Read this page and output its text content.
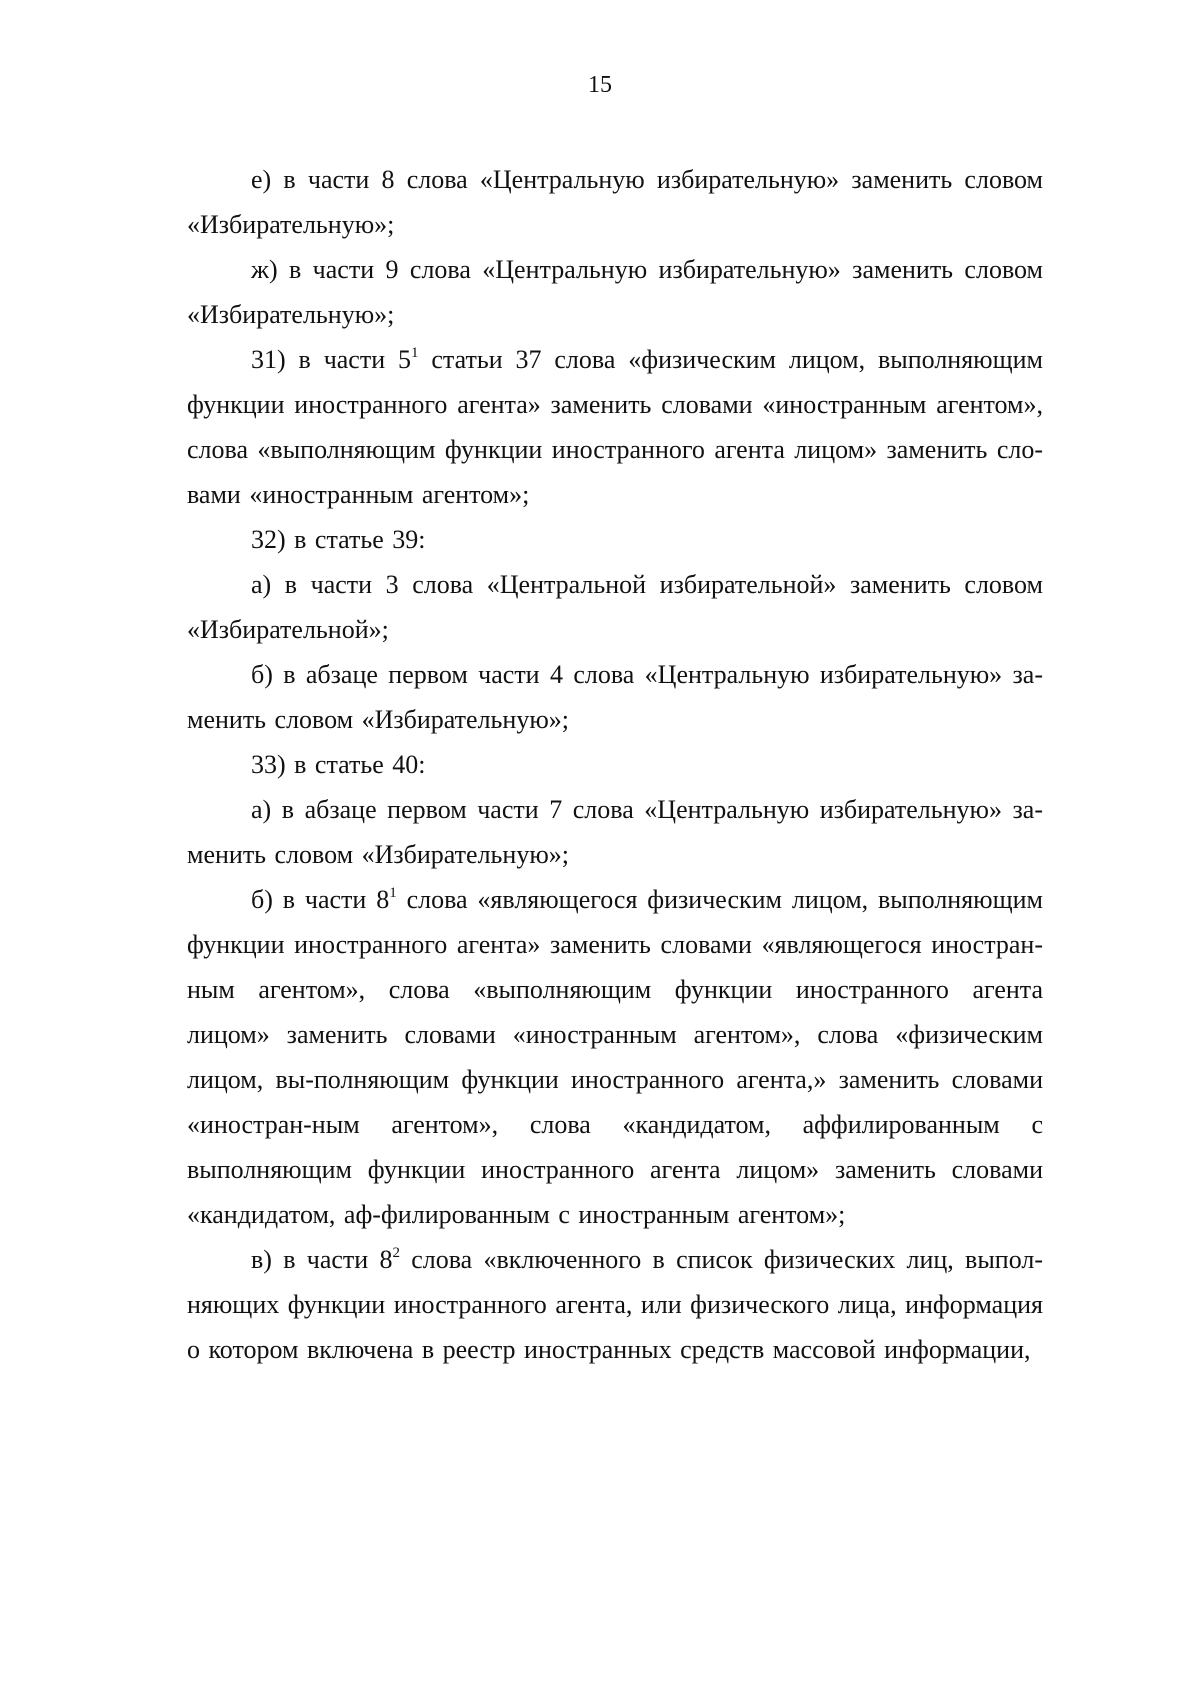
15

е) в части 8 слова «Центральную избирательную» заменить словом «Избирательную»;

ж) в части 9 слова «Центральную избирательную» заменить словом «Избирательную»;

31) в части $5^1$ статьи 37 слова «физическим лицом, выполняющим функции иностранного агента» заменить словами «иностранным агентом», слова «выполняющим функции иностранного агента лицом» заменить сло-вами «иностранным агентом»;

32) в статье 39:

а) в части 3 слова «Центральной избирательной» заменить словом «Избирательной»;

б) в абзаце первом части 4 слова «Центральную избирательную» за-менить словом «Избирательную»;

33) в статье 40:

а) в абзаце первом части 7 слова «Центральную избирательную» за-менить словом «Избирательную»;

б) в части $8^1$ слова «являющегося физическим лицом, выполняющим функции иностранного агента» заменить словами «являющегося иностран-ным агентом», слова «выполняющим функции иностранного агента лицом» заменить словами «иностранным агентом», слова «физическим лицом, вы-полняющим функции иностранного агента,» заменить словами «иностран-ным агентом», слова «кандидатом, аффилированным с выполняющим функции иностранного агента лицом» заменить словами «кандидатом, аф-филированным с иностранным агентом»;

в) в части $8^2$ слова «включенного в список физических лиц, выпол-няющих функции иностранного агента, или физического лица, информация о котором включена в реестр иностранных средств массовой информации,
